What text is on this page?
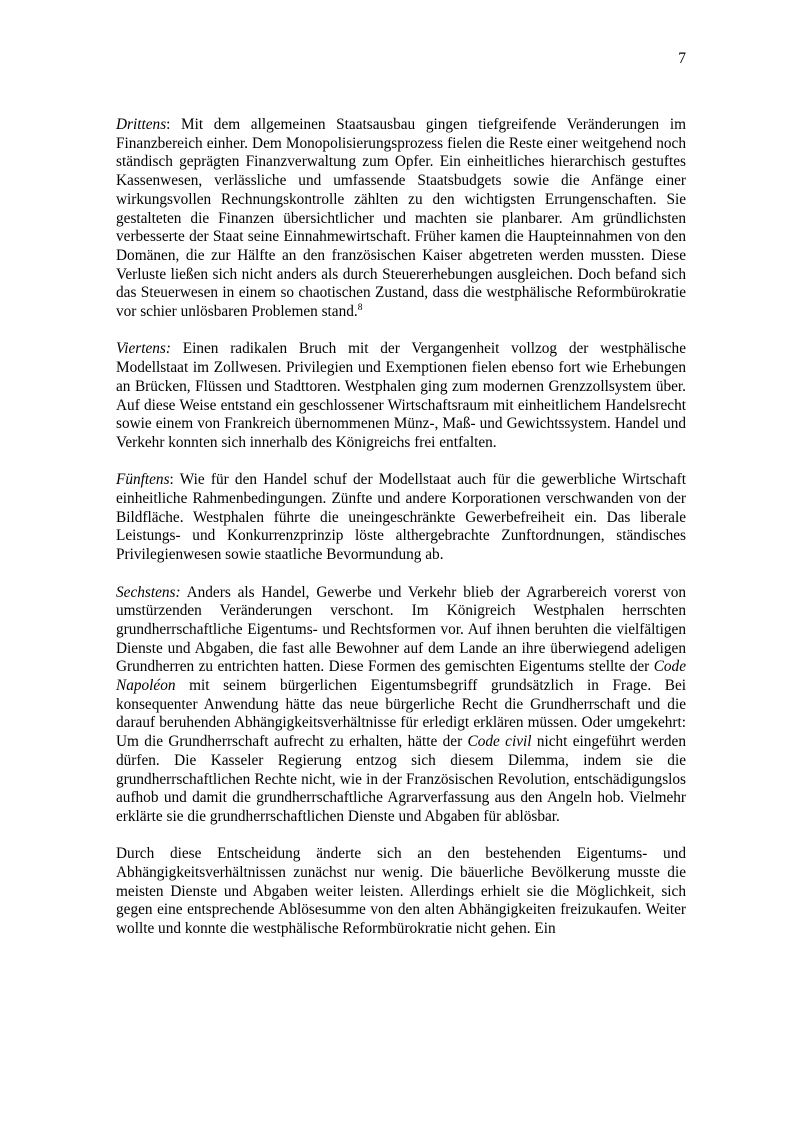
7

Drittens: Mit dem allgemeinen Staatsausbau gingen tiefgreifende Veränderungen im Finanzbereich einher. Dem Monopolisierungsprozess fielen die Reste einer weitgehend noch ständisch geprägten Finanzverwaltung zum Opfer. Ein einheitliches hierarchisch gestuftes Kassenwesen, verlässliche und umfassende Staatsbudgets sowie die Anfänge einer wirkungsvollen Rechnungskontrolle zählten zu den wichtigsten Errungenschaften. Sie gestalteten die Finanzen übersichtlicher und machten sie planbarer. Am gründlichsten verbesserte der Staat seine Einnahmewirtschaft. Früher kamen die Haupteinnahmen von den Domänen, die zur Hälfte an den französischen Kaiser abgetreten werden mussten. Diese Verluste ließen sich nicht anders als durch Steuererhebungen ausgleichen. Doch befand sich das Steuerwesen in einem so chaotischen Zustand, dass die westphälische Reformbürokratie vor schier unlösbaren Problemen stand.$^8$

Viertens: Einen radikalen Bruch mit der Vergangenheit vollzog der westphälische Modellstaat im Zollwesen. Privilegien und Exemptionen fielen ebenso fort wie Erhebungen an Brücken, Flüssen und Stadttoren. Westphalen ging zum modernen Grenzzollsystem über. Auf diese Weise entstand ein geschlossener Wirtschaftsraum mit einheitlichem Handelsrecht sowie einem von Frankreich übernommenen Münz-, Maß- und Gewichtssystem. Handel und Verkehr konnten sich innerhalb des Königreichs frei entfalten.

Fünftens: Wie für den Handel schuf der Modellstaat auch für die gewerbliche Wirtschaft einheitliche Rahmenbedingungen. Zünfte und andere Korporationen verschwanden von der Bildfläche. Westphalen führte die uneingeschränkte Gewerbefreiheit ein. Das liberale Leistungs- und Konkurrenzprinzip löste althergebrachte Zunftordnungen, ständisches Privilegienwesen sowie staatliche Bevormundung ab.

Sechstens: Anders als Handel, Gewerbe und Verkehr blieb der Agrarbereich vorerst von umstürzenden Veränderungen verschont. Im Königreich Westphalen herrschten grundherrschaftliche Eigentums- und Rechtsformen vor. Auf ihnen beruhten die vielfältigen Dienste und Abgaben, die fast alle Bewohner auf dem Lande an ihre überwiegend adeligen Grundherren zu entrichten hatten. Diese Formen des gemischten Eigentums stellte der Code Napoléon mit seinem bürgerlichen Eigentumsbegriff grundsätzlich in Frage. Bei konsequenter Anwendung hätte das neue bürgerliche Recht die Grundherrschaft und die darauf beruhenden Abhängigkeitsverhältnisse für erledigt erklären müssen. Oder umgekehrt: Um die Grundherrschaft aufrecht zu erhalten, hätte der Code civil nicht eingeführt werden dürfen. Die Kasseler Regierung entzog sich diesem Dilemma, indem sie die grundherrschaftlichen Rechte nicht, wie in der Französischen Revolution, entschädigungslos aufhob und damit die grundherrschaftliche Agrarverfassung aus den Angeln hob. Vielmehr erklärte sie die grundherrschaftlichen Dienste und Abgaben für ablösbar.

Durch diese Entscheidung änderte sich an den bestehenden Eigentums- und Abhängigkeitsverhältnissen zunächst nur wenig. Die bäuerliche Bevölkerung musste die meisten Dienste und Abgaben weiter leisten. Allerdings erhielt sie die Möglichkeit, sich gegen eine entsprechende Ablösesumme von den alten Abhängigkeiten freizukaufen. Weiter wollte und konnte die westphälische Reformbürokratie nicht gehen. Ein
